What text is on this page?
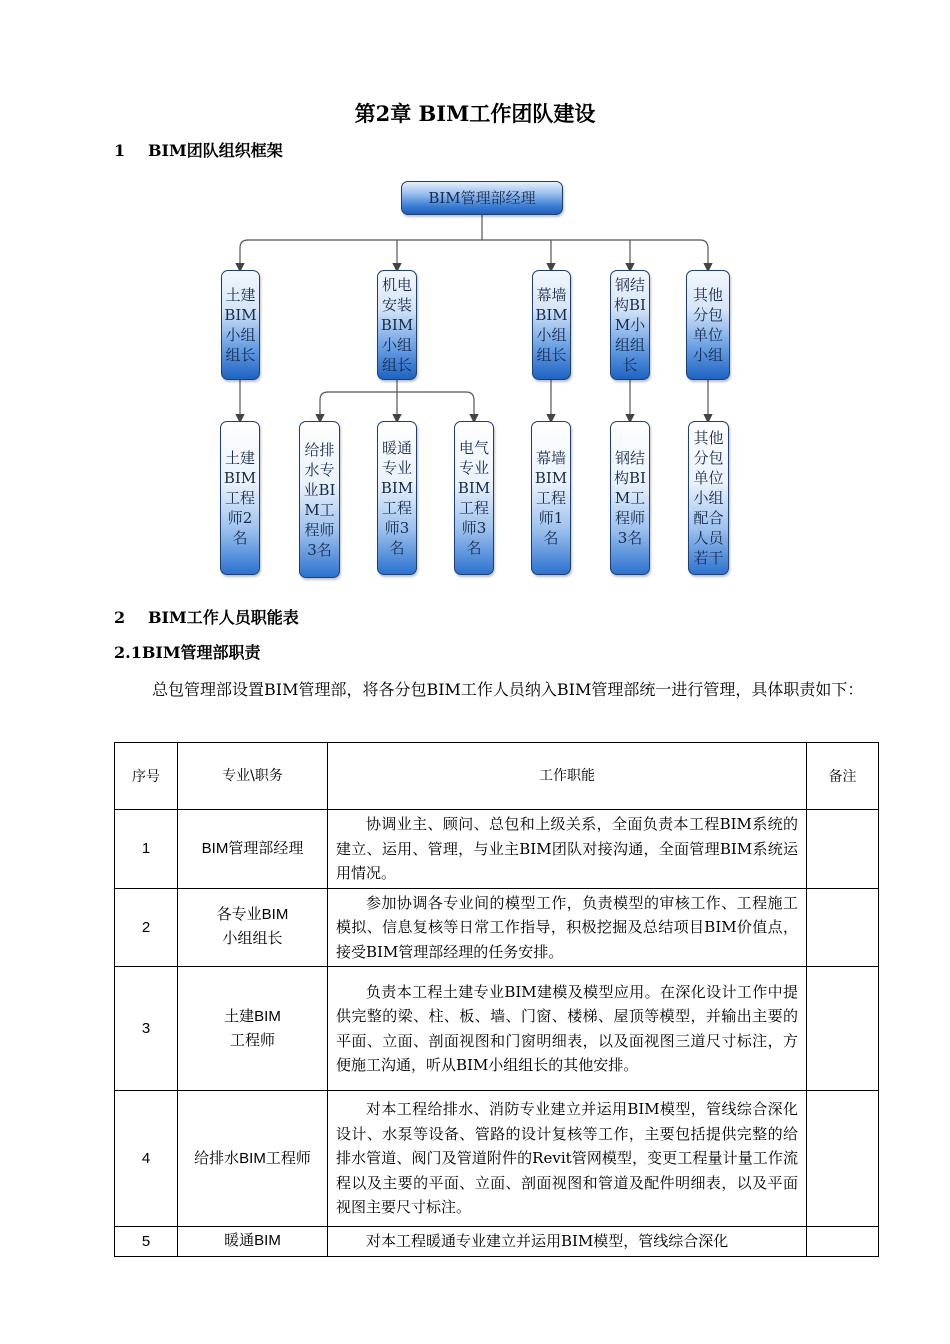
第2章 BIM工作团队建设
1 BIM团队组织框架
BIM管理部经理
土建BIM小组组长
机电安装BIM小组组长
幕墙BIM小组组长
钢结构BIM小组组长
其他分包单位小组
土建BIM工程师2名
给排水专业BIM工程师3名
暖通专业BIM工程师3名
电气专业BIM工程师3名
幕墙BIM工程师1名
钢结构BIM工程师3名
其他分包单位小组配合人员若干
2 BIM工作人员职能表
2.1BIM管理部职责
总包管理部设置BIM管理部，将各分包BIM工作人员纳入BIM管理部统一进行管理，具体职责如下：
序号	专业\职务	工作职能	备注
1	BIM管理部经理	协调业主、顾问、总包和上级关系，全面负责本工程BIM系统的建立、运用、管理，与业主BIM团队对接沟通，全面管理BIM系统运用情况。	

2	各专业BIM小组组长	参加协调各专业间的模型工作，负责模型的审核工作、工程施工模拟、信息复核等日常工作指导，积极挖掘及总结项目BIM价值点，接受BIM管理部经理的任务安排。	

3	土建BIM工程师	负责本工程土建专业BIM建模及模型应用。在深化设计工作中提供完整的梁、柱、板、墙、门窗、楼梯、屋顶等模型，并输出主要的平面、立面、剖面视图和门窗明细表，以及面视图三道尺寸标注，方便施工沟通，听从BIM小组组长的其他安排。	

4	给排水BIM工程师	对本工程给排水、消防专业建立并运用BIM模型，管线综合深化设计、水泵等设备、管路的设计复核等工作，主要包括提供完整的给排水管道、阀门及管道附件的Revit管网模型，变更工程量计量工作流程以及主要的平面、立面、剖面视图和管道及配件明细表，以及平面视图主要尺寸标注。	

5	暖通BIM	对本工程暖通专业建立并运用BIM模型，管线综合深化	
